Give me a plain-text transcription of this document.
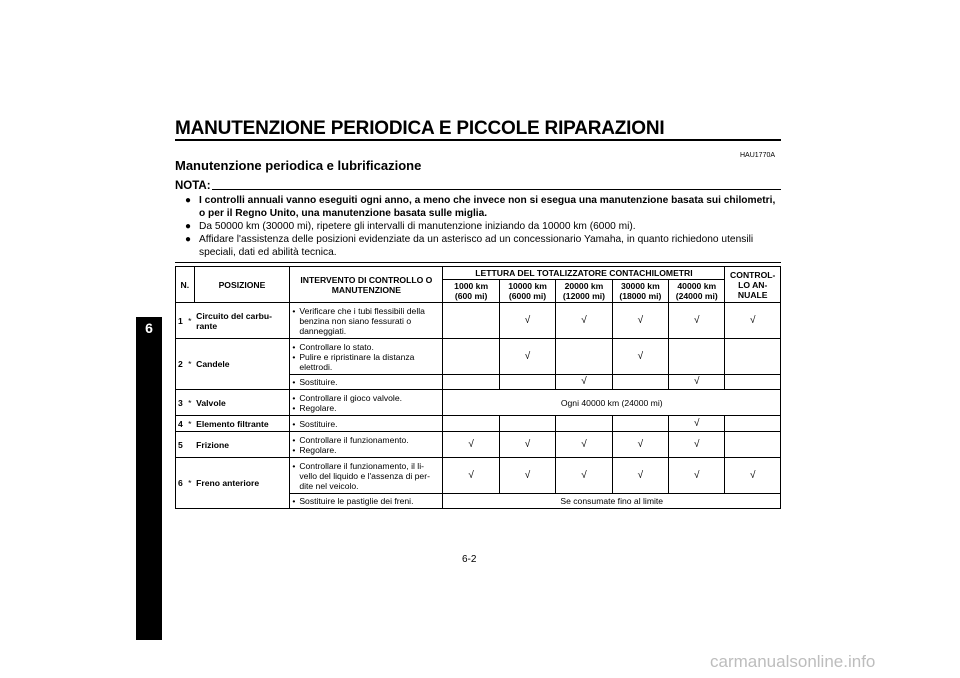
MANUTENZIONE PERIODICA E PICCOLE RIPARAZIONI
HAU1770A
Manutenzione periodica e lubrificazione
NOTA:
● I controlli annuali vanno eseguiti ogni anno, a meno che invece non si esegua una manutenzione basata sui chilometri, o per il Regno Unito, una manutenzione basata sulle miglia.
● Da 50000 km (30000 mi), ripetere gli intervalli di manutenzione iniziando da 10000 km (6000 mi).
● Affidare l'assistenza delle posizioni evidenziate da un asterisco ad un concessionario Yamaha, in quanto richiedono utensili speciali, dati ed abilità tecnica.
6
N.		POSIZIONE	INTERVENTO DI CONTROLLO O MANUTENZIONE	LETTURA DEL TOTALIZZATORE CONTACHILOMETRI					CONTROL-LO AN-NUALE
				1000 km (600 mi)	10000 km (6000 mi)	20000 km (12000 mi)	30000 km (18000 mi)	40000 km (24000 mi)	
1	*	Circuito del carbu-rante	• Verificare che i tubi flessibili della benzina non siano fessurati o danneggiati.		√	√	√	√	√
2	*	Candele	• Controllare lo stato.
• Pulire e ripristinare la distanza elettrodi.		√		√		

			• Sostituire.			√		√	
3	*	Valvole	• Controllare il gioco valvole.
• Regolare.	Ogni 40000 km (24000 mi)					
4	*	Elemento filtrante	• Sostituire.					√	
5		Frizione	• Controllare il funzionamento.
• Regolare.	√	√	√	√	√	
6	*	Freno anteriore	• Controllare il funzionamento, il li-vello del liquido e l'assenza di per-dite nel veicolo.	√	√	√	√	√	√

			• Sostituire le pastiglie dei freni.	Se consumate fino al limite					
6-2
carmanualsonline.info
